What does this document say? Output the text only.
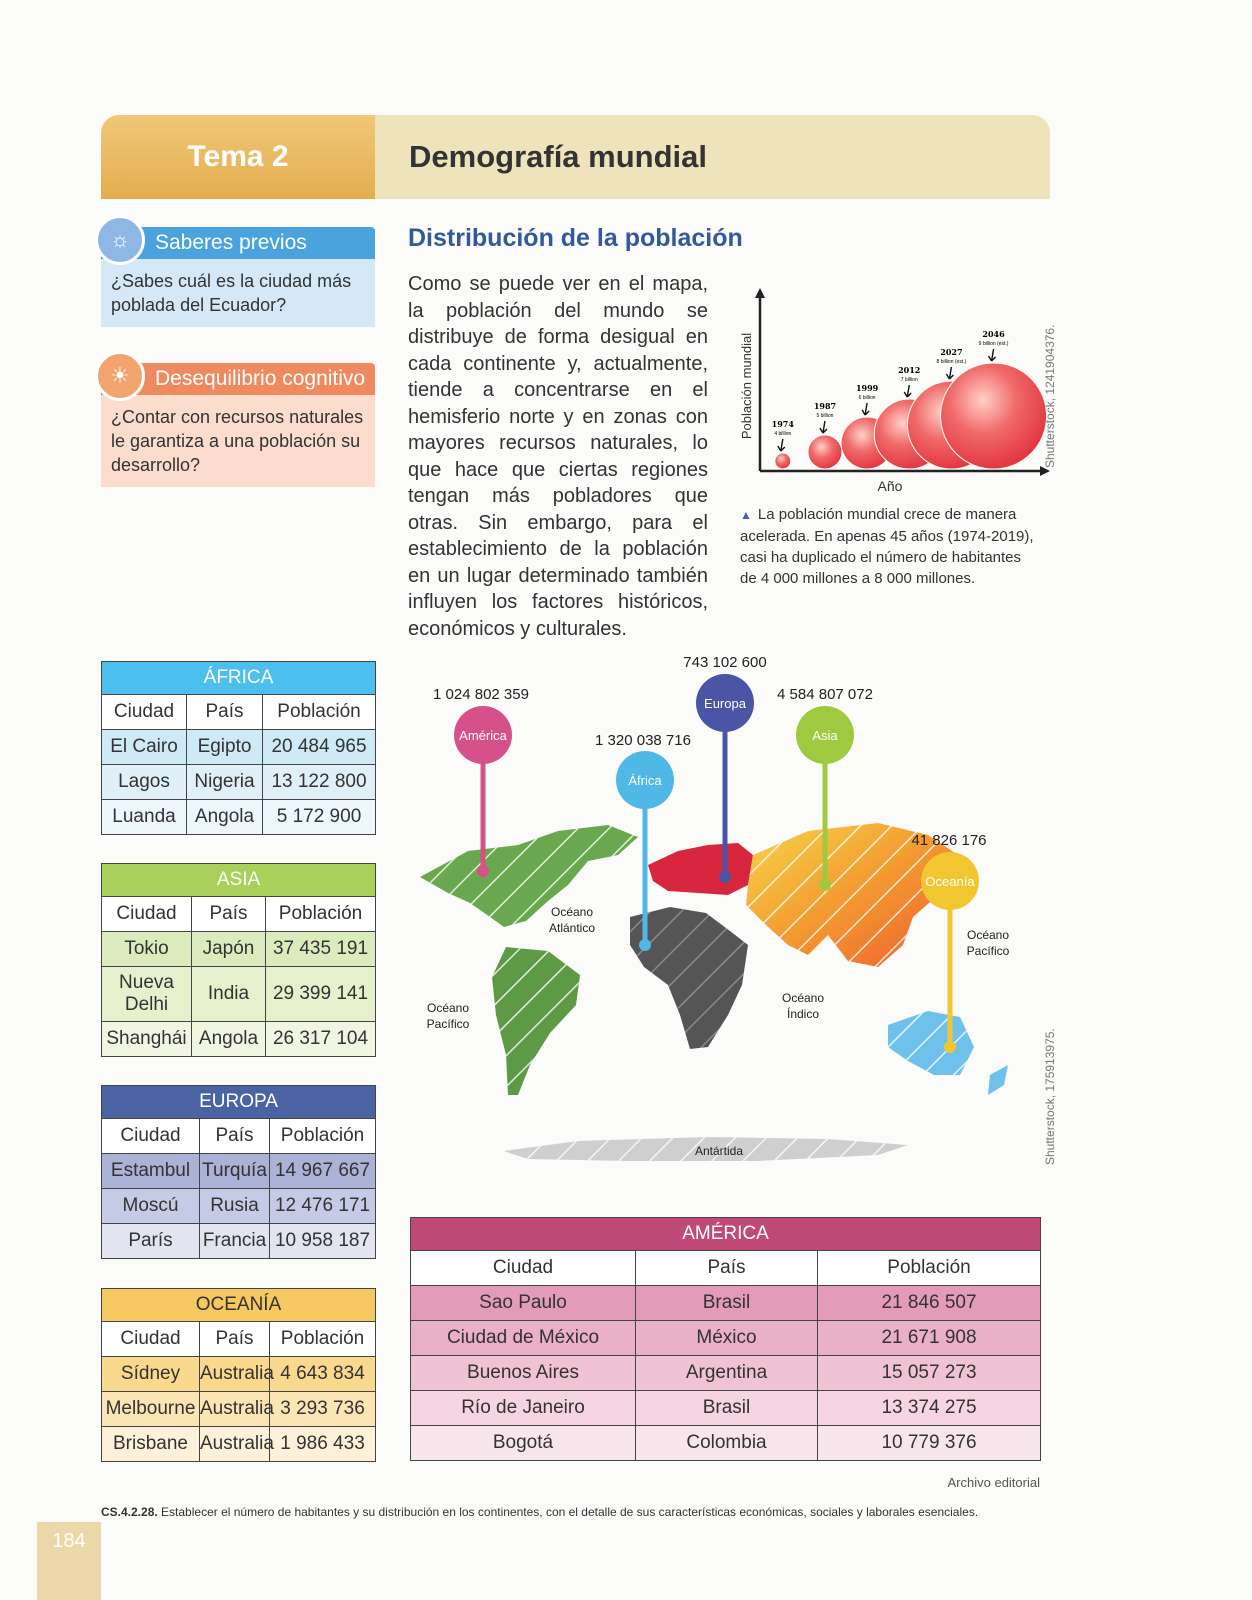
Tema 2	Demografía mundial
Saberes previos
¿Sabes cuál es la ciudad más poblada del Ecuador?
☼
Desequilibrio cognitivo
¿Contar con recursos naturales le garantiza a una población su desarrollo?
☀
Distribución de la población
Como se puede ver en el mapa, la población del mundo se distribuye de forma desigual en cada continente y, actualmente, tiende a concentrarse en el hemisferio norte y en zonas con mayores recursos naturales, lo que hace que ciertas regiones tengan más pobladores que otras. Sin embargo, para el establecimiento de la población en un lugar determinado también influyen los factores históricos, económicos y culturales.
1974
4 billion
1987
5 billion
1999
6 billion
2012
7 billion
2027
8 billion (est.)
2046
9 billion (est.)
Población mundial
Año
Shutterstock, 1241904376.
▲ La población mundial crece de manera acelerada. En apenas 45 años (1974-2019), casi ha duplicado el número de habitantes de 4 000 millones a 8 000 millones.
ÁFRICA		
Ciudad	País	Población
El Cairo	Egipto	20 484 965
Lagos	Nigeria	13 122 800
Luanda	Angola	5 172 900
ASIA		
Ciudad	País	Población
Tokio	Japón	37 435 191
Nueva Delhi	India	29 399 141
Shanghái	Angola	26 317 104
EUROPA		
Ciudad	País	Población
Estambul	Turquía	14 967 667
Moscú	Rusia	12 476 171
París	Francia	10 958 187
OCEANÍA		
Ciudad	País	Población
Sídney	Australia	4 643 834
Melbourne	Australia	3 293 736
Brisbane	Australia	1 986 433
América
1 024 802 359
África
1 320 038 716
Europa
743 102 600
Asia
4 584 807 072
Oceanía
41 826 176
Océano
Atlántico
Océano
Pacífico
Océano
Índico
Océano
Pacífico
Antártida	Shutterstock, 175913975.
AMÉRICA		
Ciudad	País	Población
Sao Paulo	Brasil	21 846 507
Ciudad de México	México	21 671 908
Buenos Aires	Argentina	15 057 273
Río de Janeiro	Brasil	13 374 275
Bogotá	Colombia	10 779 376
Archivo editorial
CS.4.2.28. Establecer el número de habitantes y su distribución en los continentes, con el detalle de sus características económicas, sociales y laborales esenciales.
184
